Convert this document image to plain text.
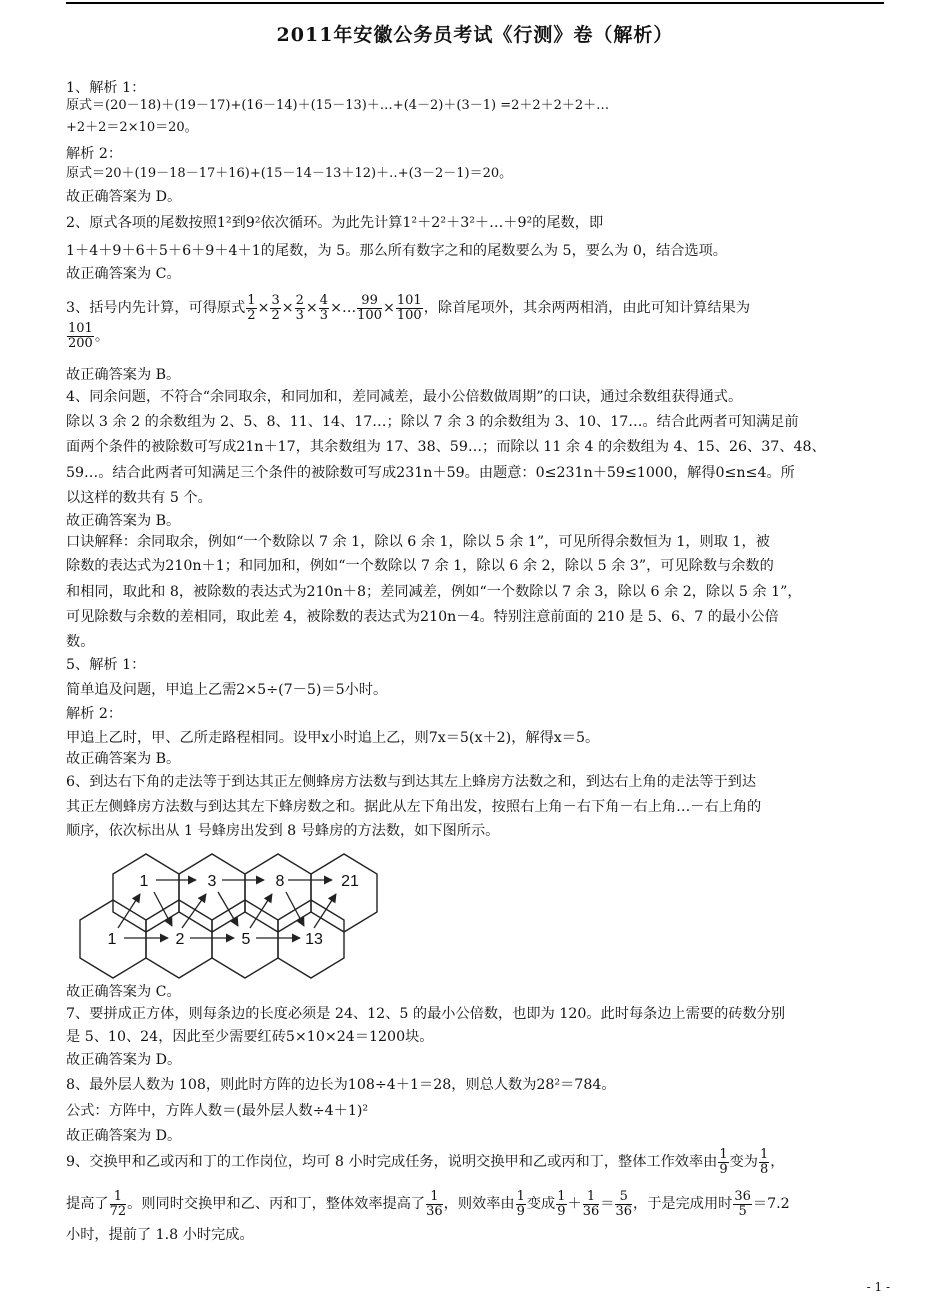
2011年安徽公务员考试《行测》卷（解析）
1、解析 1：
原式＝(20－18)＋(19－17)+(16－14)＋(15－13)＋…+(4－2)＋(3－1) =2＋2＋2＋2＋…
+2＋2＝2×10＝20。
解析 2：
原式＝20＋(19－18－17＋16)+(15－14－13＋12)＋‥+(3－2－1)＝20。
故正确答案为 D。
2、原式各项的尾数按照1²到9²依次循环。为此先计算1²＋2²＋3²＋…＋9²的尾数，即
1＋4＋9＋6＋5＋6＋9＋4＋1的尾数，为 5。那么所有数字之和的尾数要么为 5，要么为 0，结合选项。
故正确答案为 C。
3、括号内先计算，可得原式 $\frac{1}{2} \times \frac{3}{2} \times \frac{2}{3} \times \frac{4}{3}$ ×… $\frac{99}{100} \times \frac{101}{100}$ ，除首尾项外，其余两两相消，由此可知计算结果为
$\frac{101}{200}$ 。
故正确答案为 B。
4、同余问题，不符合“余同取余，和同加和，差同减差，最小公倍数做周期”的口诀，通过余数组获得通式。
除以 3 余 2 的余数组为 2、5、8、11、14、17…；除以 7 余 3 的余数组为 3、10、17…。结合此两者可知满足前
面两个条件的被除数可写成21n＋17，其余数组为 17、38、59…；而除以 11 余 4 的余数组为 4、15、26、37、48、
59…。结合此两者可知满足三个条件的被除数可写成231n＋59。由题意：0≤231n＋59≤1000，解得0≤n≤4。所
以这样的数共有 5 个。
故正确答案为 B。
口诀解释：余同取余，例如“一个数除以 7 余 1，除以 6 余 1，除以 5 余 1”，可见所得余数恒为 1，则取 1，被
除数的表达式为210n＋1；和同加和，例如“一个数除以 7 余 1，除以 6 余 2，除以 5 余 3”，可见除数与余数的
和相同，取此和 8，被除数的表达式为210n＋8；差同减差，例如“一个数除以 7 余 3，除以 6 余 2，除以 5 余 1”，
可见除数与余数的差相同，取此差 4，被除数的表达式为210n－4。特别注意前面的 210 是 5、6、7 的最小公倍
数。
5、解析 1：
简单追及问题，甲追上乙需2×5÷(7－5)＝5小时。
解析 2：
甲追上乙时，甲、乙所走路程相同。设甲x小时追上乙，则7x＝5(x＋2)，解得x＝5。
故正确答案为 B。
6、到达右下角的走法等于到达其正左侧蜂房方法数与到达其左上蜂房方法数之和，到达右上角的走法等于到达
其正左侧蜂房方法数与到达其左下蜂房数之和。据此从左下角出发，按照右上角－右下角－右上角…－右上角的
顺序，依次标出从 1 号蜂房出发到 8 号蜂房的方法数，如下图所示。
1	3	8	21
1	2	5	13
故正确答案为 C。
7、要拼成正方体，则每条边的长度必须是 24、12、5 的最小公倍数，也即为 120。此时每条边上需要的砖数分别
是 5、10、24，因此至少需要红砖5×10×24＝1200块。
故正确答案为 D。
8、最外层人数为 108，则此时方阵的边长为108÷4＋1＝28，则总人数为28²＝784。
公式：方阵中，方阵人数＝(最外层人数÷4＋1)²
故正确答案为 D。
9、交换甲和乙或丙和丁的工作岗位，均可 8 小时完成任务，说明交换甲和乙或丙和丁，整体工作效率由 $\frac{1}{9}$ 变为 $\frac{1}{8}$ ，
提高了 $\frac{1}{72}$ 。则同时交换甲和乙、丙和丁，整体效率提高了 $\frac{1}{36}$ ，则效率由 $\frac{1}{9}$ 变成 $\frac{1}{9} + \frac{1}{36} = \frac{5}{36}$ ，于是完成用时 $\frac{36}{5} =7.2$
小时，提前了 1.8 小时完成。
- 1 -
